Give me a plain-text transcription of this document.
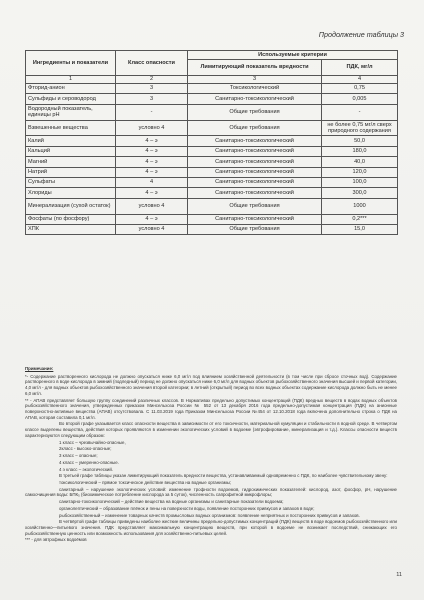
Продолжение таблицы 3
Ингредиенты и показатели	Класс опасности	Используемые критерии	
		Лимитирующий показатель вредности	ПДК, мг/л
1	2	3	4
Фторид-анион	3	Токсикологический	0,75
Сульфиды и сероводород	3	Санитарно-токсикологический	0,005
Водородный показатель, единицы pH	-	Общие требования	-
Взвешенные вещества	условно 4	Общие требования	не более 0,75 мг/л сверх природного содержания
Калий	4 – э	Санитарно-токсикологический	50,0
Кальций	4 – э	Санитарно-токсикологический	180,0
Магний	4 – э	Санитарно-токсикологический	40,0
Натрий	4 – э	Санитарно-токсикологический	120,0
Сульфаты	4	Санитарно-токсикологический	100,0
Хлориды	4 – э	Санитарно-токсикологический	300,0
Минерализация (сухой остаток)	условно 4	Общие требования	1000
Фосфаты (по фосфору)	4 – э	Санитарно-токсикологический	0,2***
ХПК	условно 4	Общие требования	15,0

Примечание:

*- Содержание растворенного кислорода не должно опускаться ниже 6,0 мг/л под влиянием хозяйственной деятельности (в том числе при сбросе сточных вод). Содержание растворенного в воде кислорода в зимний (подледный) период не должно опускаться ниже 6,0 мг/л для водных объектов рыбохозяйственного значения высшей и первой категории, 4,0 мг/л - для водных объектов рыбохозяйственного значения второй категории; в летний (открытый) период во всех водных объектах содержание кислорода должно быть не менее 6,0 мг/л.

** - АПАВ представляет большую группу соединений различных классов. В Нормативах предельно допустимых концентраций (ПДК) вредных веществ в водах водных объектов рыбохозяйственного значения, утвержденных приказом Минсельхоза России № 552 от 13 декабря 2016 года предельно-допустимая концентрация (ПДК) на анионные поверхностно-активные вещества (АПАВ) отсутствовала. С 11.03.2019 года Приказом Минсельхоза России №454 от 12.10.2018 года включена дополнительно строка о ПДК на АПАВ, которая составила 0,1 мг/л.

Во второй графе указывается класс опасности вещества в зависимости от его токсичности, материальной кумуляции и стабильности в водной среде. В четвертом классе выделены вещества, действия которых проявляются в изменении экологических условий в водоеме (эвтрофирование, минерализация и т.д.). Классы опасности веществ характеризуются следующим образом:

1 класс – чрезвычайно-опасные,

2класс - высоко-опасные;

3 класс – опасные;

4 класс – умеренно-опасные.

4 э класс – экологический.

В третьей графе таблицы указан лимитирующий показатель вредности вещества, устанавливаемый одновременно с ПДК, по наиболее чувствительному звену:

токсикологический – прямое токсическое действие вещества на водные организмы;

санитарный – нарушение экологических условий: изменение трофности водоемов, гидрохимических показателей: кислород, азот, фосфор, рН, нарушение самоочищения воды: БПК₅ (биохимическое потребление кислорода за 5 суток), численность сапрофитной микрофлоры;

санитарно-токсикологический – действие вещества на водные организмы и санитарные показатели водоема;

органолептический – образование плёнок и пены на поверхности воды, появление посторонних привкусов и запахов в воде;

рыбохозяйственный – изменение товарных качеств промысловых водных организмов: появление неприятных и посторонних привкусов и запахов.

В четвёртой графе таблицы приведены наиболее жесткие величины предельно-допустимых концентраций (ПДК) веществ в воде водоемов рыбохозяйственного или хозяйственно—питьевого значения. ПДК представляет максимальную концентрацию веществ, при которой в водоеме не возникает последствий, снижающих его рыбохозяйственную ценность или возможность использования для хозяйственно-питьевых целей.

*** - для эвтрофных водоёмов

11
